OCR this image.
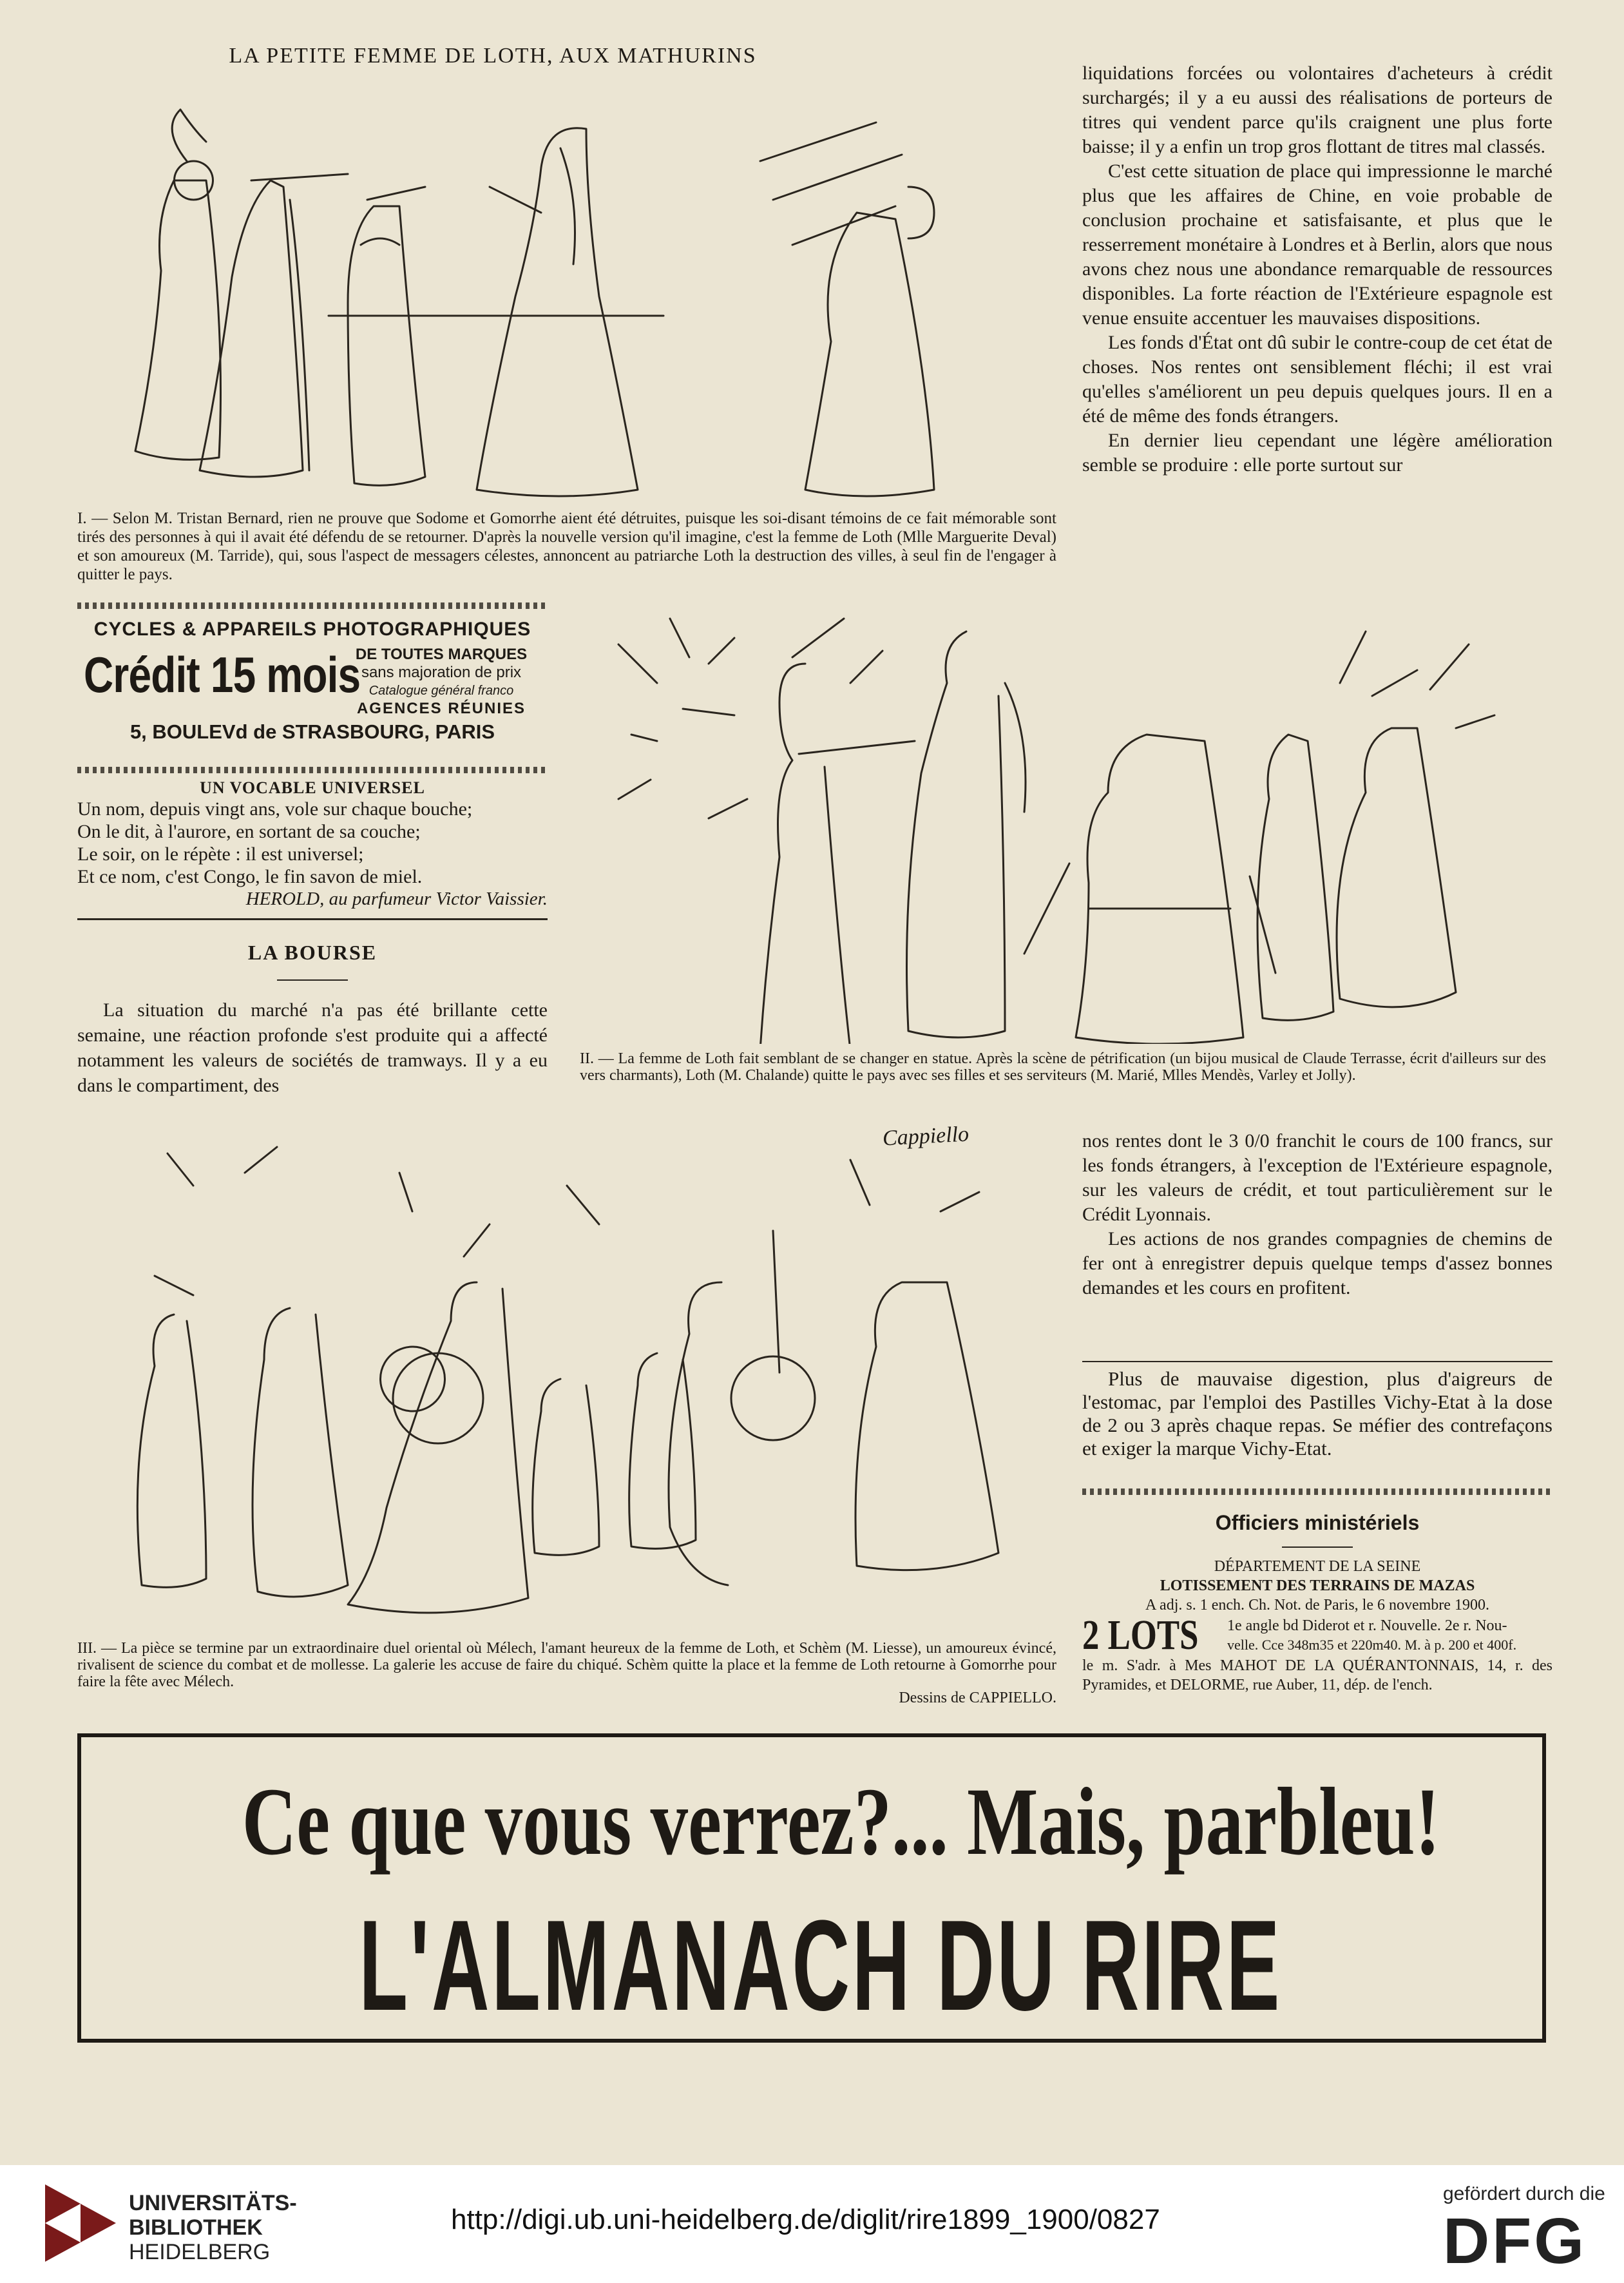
LA PETITE FEMME DE LOTH, AUX MATHURINS
I. — Selon M. Tristan Bernard, rien ne prouve que Sodome et Gomorrhe aient été détruites, puisque les soi-disant témoins de ce fait mémorable sont tirés des personnes à qui il avait été défendu de se retourner. D'après la nouvelle version qu'il imagine, c'est la femme de Loth (Mlle Marguerite Deval) et son amoureux (M. Tarride), qui, sous l'aspect de messagers célestes, annoncent au patriarche Loth la destruction des villes, à seul fin de l'engager à quitter le pays.
CYCLES & APPAREILS PHOTOGRAPHIQUES
Crédit 15 mois
DE TOUTES MARQUES
sans majoration de prix
Catalogue général franco
AGENCES RÉUNIES
5, BOULEVd de STRASBOURG, PARIS
UN VOCABLE UNIVERSEL
Un nom, depuis vingt ans, vole sur chaque bouche;
On le dit, à l'aurore, en sortant de sa couche;
Le soir, on le répète : il est universel;
Et ce nom, c'est Congo, le fin savon de miel.
HEROLD, au parfumeur Victor Vaissier.
LA BOURSE

La situation du marché n'a pas été brillante cette semaine, une réaction profonde s'est produite qui a affecté notamment les valeurs de sociétés de tramways. Il y a eu dans le compartiment, des

II. — La femme de Loth fait semblant de se changer en statue. Après la scène de pétrification (un bijou musical de Claude Terrasse, écrit d'ailleurs sur des vers charmants), Loth (M. Chalande) quitte le pays avec ses filles et ses serviteurs (M. Marié, Mlles Mendès, Varley et Jolly).

liquidations forcées ou volontaires d'acheteurs à crédit surchargés; il y a eu aussi des réalisations de porteurs de titres qui vendent parce qu'ils craignent une plus forte baisse; il y a enfin un trop gros flottant de titres mal classés.

C'est cette situation de place qui impressionne le marché plus que les affaires de Chine, en voie probable de conclusion prochaine et satisfaisante, et plus que le resserrement monétaire à Londres et à Berlin, alors que nous avons chez nous une abondance remarquable de ressources disponibles. La forte réaction de l'Extérieure espagnole est venue ensuite accentuer les mauvaises dispositions.

Les fonds d'État ont dû subir le contre-coup de cet état de choses. Nos rentes ont sensiblement fléchi; il est vrai qu'elles s'améliorent un peu depuis quelques jours. Il en a été de même des fonds étrangers.

En dernier lieu cependant une légère amélioration semble se produire : elle porte surtout sur

Cappiello
III. — La pièce se termine par un extraordinaire duel oriental où Mélech, l'amant heureux de la femme de Loth, et Schèm (M. Liesse), un amoureux évincé, rivalisent de science du combat et de mollesse. La galerie les accuse de faire du chiqué. Schèm quitte la place et la femme de Loth retourne à Gomorrhe pour faire la fête avec Mélech.
Dessins de CAPPIELLO.

nos rentes dont le 3 0/0 franchit le cours de 100 francs, sur les fonds étrangers, à l'exception de l'Extérieure espagnole, sur les valeurs de crédit, et tout particulièrement sur le Crédit Lyonnais.

Les actions de nos grandes compagnies de chemins de fer ont à enregistrer depuis quelque temps d'assez bonnes demandes et les cours en profitent.

Plus de mauvaise digestion, plus d'aigreurs de l'estomac, par l'emploi des Pastilles Vichy-Etat à la dose de 2 ou 3 après chaque repas. Se méfier des contrefaçons et exiger la marque Vichy-Etat.

Officiers ministériels
DÉPARTEMENT DE LA SEINE
LOTISSEMENT DES TERRAINS DE MAZAS
A adj. s. 1 ench. Ch. Not. de Paris, le 6 novembre 1900.
2 LOTS 1e angle bd Diderot et r. Nouvelle. 2e r. Nou-
velle. Cce 348m35 et 220m40. M. à p. 200 et 400f.
le m. S'adr. à Mes MAHOT DE LA QUÉRANTONNAIS, 14, r. des Pyramides, et DELORME, rue Auber, 11, dép. de l'ench.
Ce que vous verrez?... Mais, parbleu!
L'ALMANACH DU RIRE
UNIVERSITÄTS-
BIBLIOTHEK
HEIDELBERG
http://digi.ub.uni-heidelberg.de/diglit/rire1899_1900/0827
gefördert durch die
DFG
